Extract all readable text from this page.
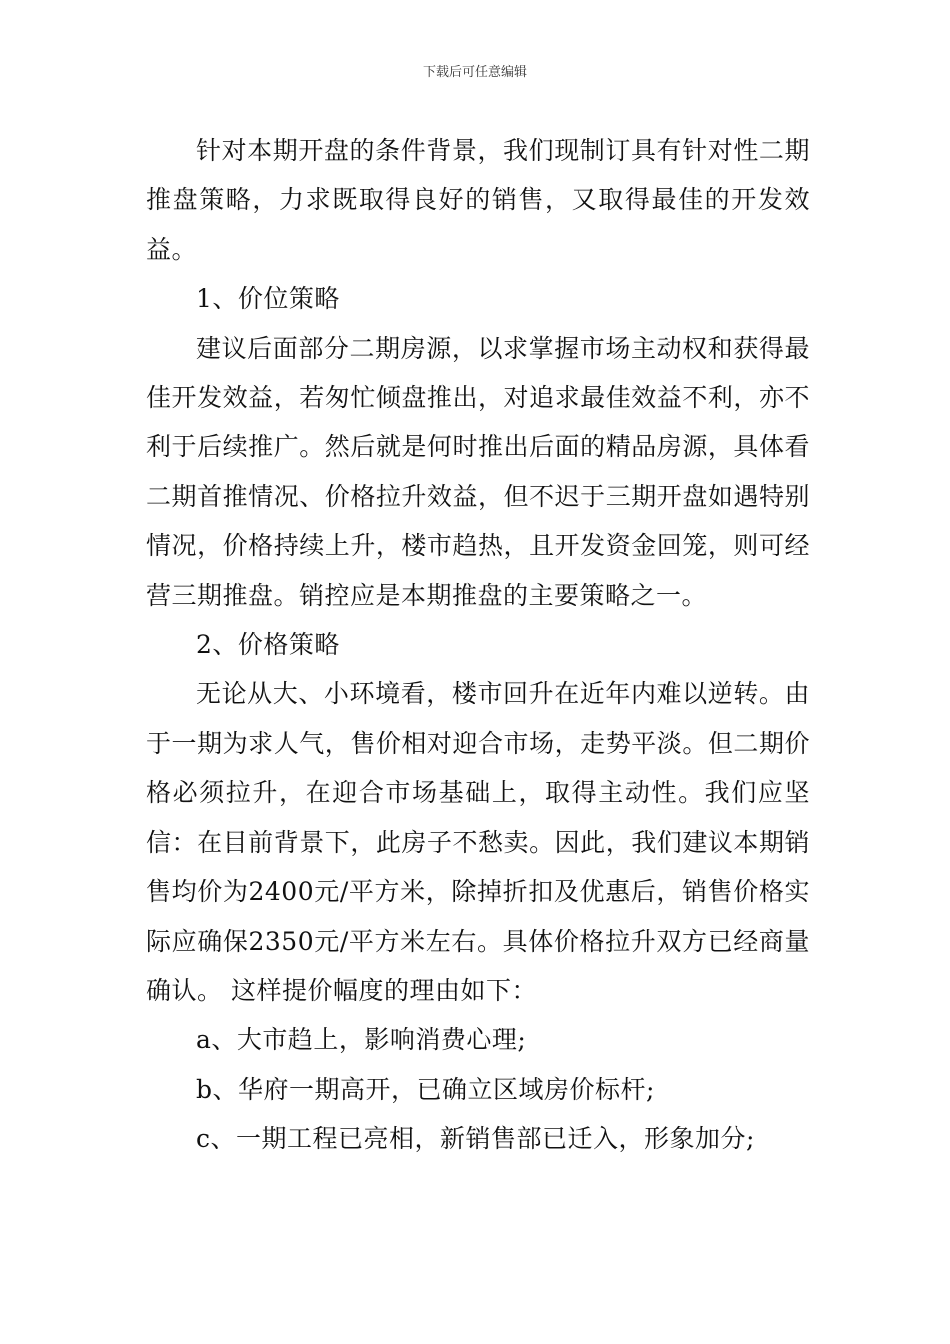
下载后可任意编辑

针对本期开盘的条件背景，我们现制订具有针对性二期推盘策略，力求既取得良好的销售，又取得最佳的开发效益。

1、价位策略

建议后面部分二期房源，以求掌握市场主动权和获得最佳开发效益，若匆忙倾盘推出，对追求最佳效益不利，亦不利于后续推广。然后就是何时推出后面的精品房源，具体看二期首推情况、价格拉升效益，但不迟于三期开盘如遇特别情况，价格持续上升，楼市趋热，且开发资金回笼，则可经营三期推盘。销控应是本期推盘的主要策略之一。

2、价格策略

无论从大、小环境看，楼市回升在近年内难以逆转。由于一期为求人气，售价相对迎合市场，走势平淡。但二期价格必须拉升，在迎合市场基础上，取得主动性。我们应坚信：在目前背景下，此房子不愁卖。因此，我们建议本期销售均价为2400元/平方米，除掉折扣及优惠后，销售价格实际应确保2350元/平方米左右。具体价格拉升双方已经商量确认。 这样提价幅度的理由如下：

a、大市趋上，影响消费心理;

b、华府一期高开，已确立区域房价标杆;

c、一期工程已亮相，新销售部已迁入，形象加分;
